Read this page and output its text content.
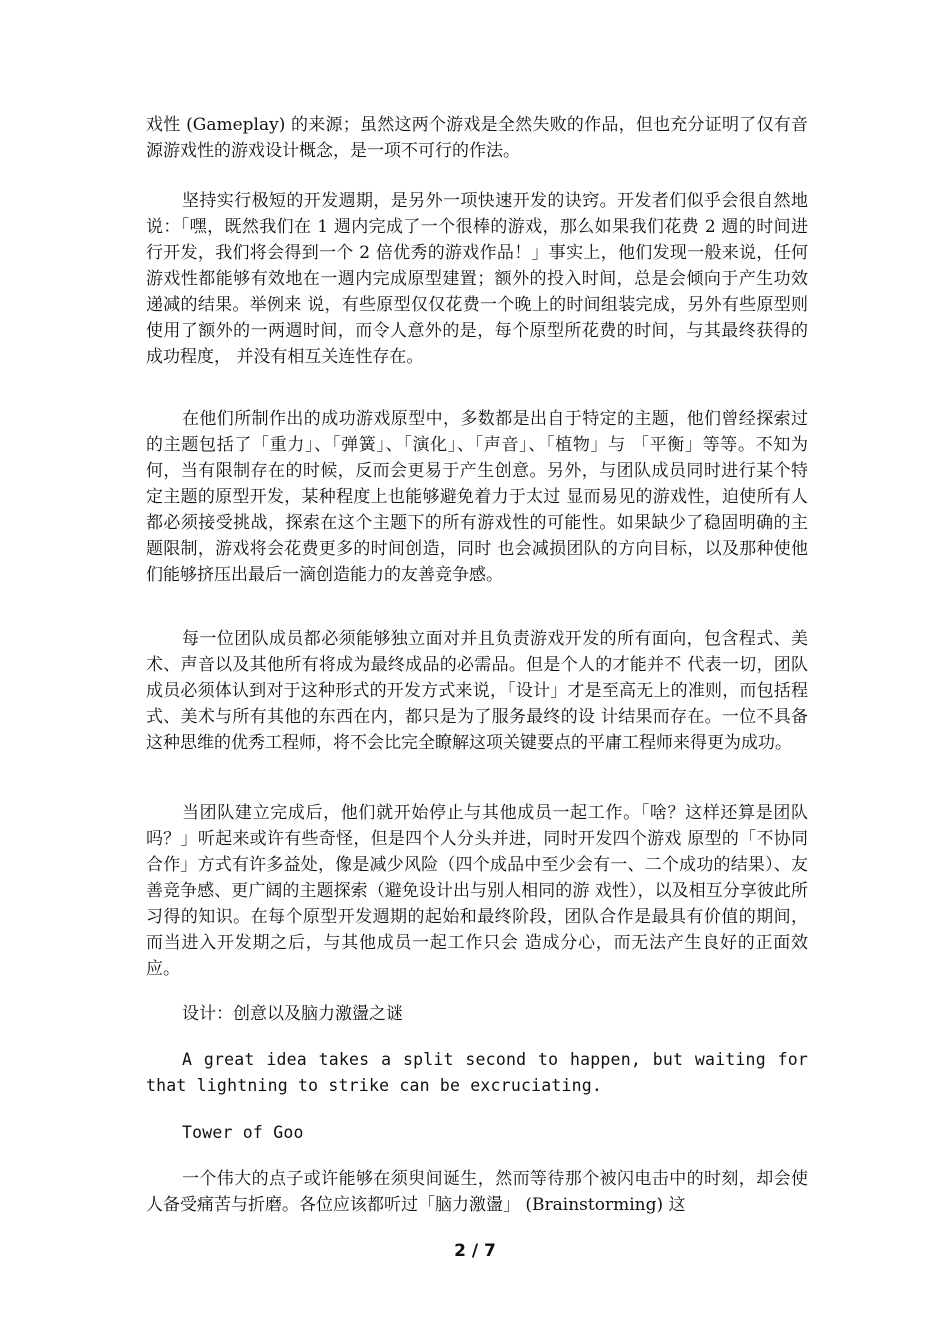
戏性 (Gameplay) 的来源；虽然这两个游戏是全然失败的作品，但也充分证明了仅有音源游戏性的游戏设计概念，是一项不可行的作法。

坚持实行极短的开发週期，是另外一项快速开发的诀窍。开发者们似乎会很自然地说：「嘿，既然我们在 1 週内完成了一个很棒的游戏，那么如果我们花费 2 週的时间进行开发，我们将会得到一个 2 倍优秀的游戏作品！」事实上，他们发现一般来说，任何游戏性都能够有效地在一週内完成原型建置；额外的投入时间，总是会倾向于产生功效递减的结果。举例来 说，有些原型仅仅花费一个晚上的时间组装完成，另外有些原型则使用了额外的一两週时间，而令人意外的是，每个原型所花费的时间，与其最终获得的成功程度， 并没有相互关连性存在。

在他们所制作出的成功游戏原型中，多数都是出自于特定的主题，他们曾经探索过的主题包括了「重力」、「弹簧」、「演化」、「声音」、「植物」与 「平衡」等等。不知为何，当有限制存在的时候，反而会更易于产生创意。另外，与团队成员同时进行某个特定主题的原型开发，某种程度上也能够避免着力于太过 显而易见的游戏性，迫使所有人都必须接受挑战，探索在这个主题下的所有游戏性的可能性。如果缺少了稳固明确的主题限制，游戏将会花费更多的时间创造，同时 也会减损团队的方向目标，以及那种使他们能够挤压出最后一滴创造能力的友善竞争感。

每一位团队成员都必须能够独立面对并且负责游戏开发的所有面向，包含程式、美术、声音以及其他所有将成为最终成品的必需品。但是个人的才能并不 代表一切，团队成员必须体认到对于这种形式的开发方式来说，「设计」才是至高无上的准则，而包括程式、美术与所有其他的东西在内，都只是为了服务最终的设 计结果而存在。一位不具备这种思维的优秀工程师，将不会比完全瞭解这项关键要点的平庸工程师来得更为成功。

当团队建立完成后，他们就开始停止与其他成员一起工作。「啥？这样还算是团队吗？」听起来或许有些奇怪，但是四个人分头并进，同时开发四个游戏 原型的「不协同合作」方式有许多益处，像是减少风险（四个成品中至少会有一、二个成功的结果）、友善竞争感、更广阔的主题探索（避免设计出与别人相同的游 戏性），以及相互分享彼此所习得的知识。在每个原型开发週期的起始和最终阶段，团队合作是最具有价值的期间，而当进入开发期之后，与其他成员一起工作只会 造成分心，而无法产生良好的正面效应。

设计：创意以及脑力激盪之谜

A great idea takes a split second to happen, but waiting for that lightning to strike can be excruciating.

Tower of Goo

一个伟大的点子或许能够在须臾间诞生，然而等待那个被闪电击中的时刻，却会使人备受痛苦与折磨。各位应该都听过「脑力激盪」 (Brainstorming) 这

2 / 7
